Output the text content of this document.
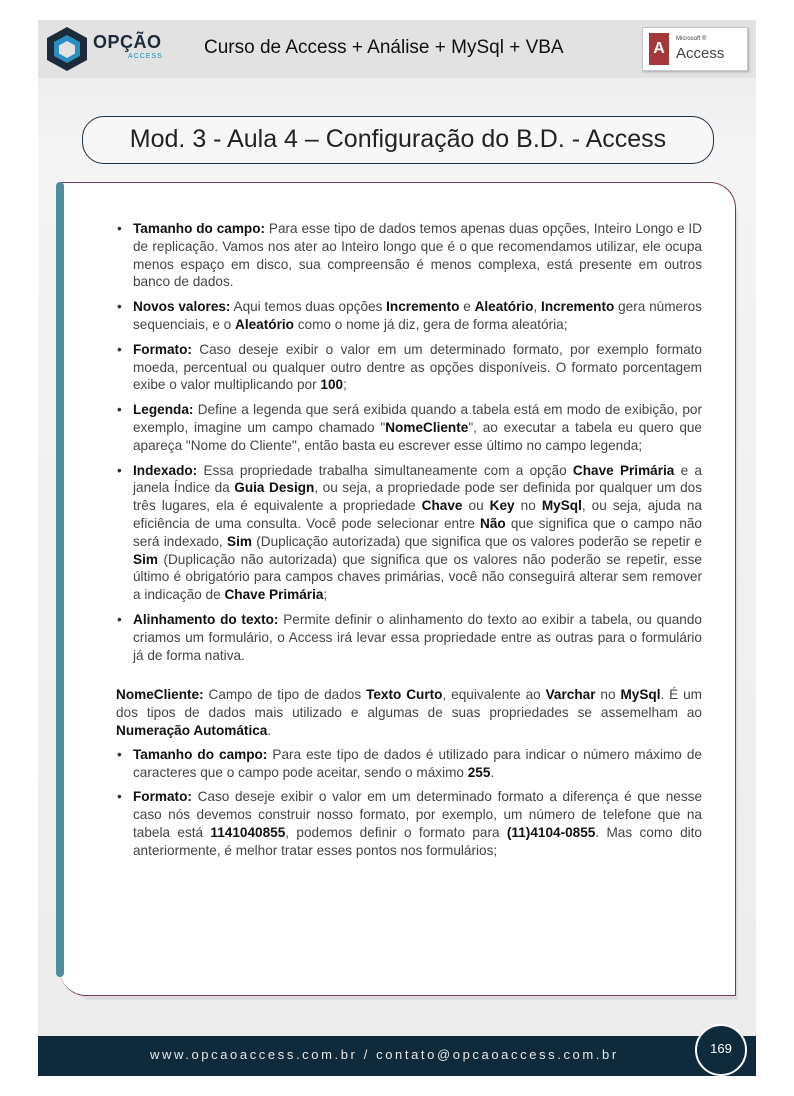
OPÇÃO
ACCESS Curso de Access + Análise + MySql + VBA	A
Microsoft ®
Access
Mod. 3 - Aula 4 – Configuração do B.D. - Access
• Tamanho do campo: Para esse tipo de dados temos apenas duas opções, Inteiro Longo e ID de replicação. Vamos nos ater ao Inteiro longo que é o que recomendamos utilizar, ele ocupa menos espaço em disco, sua compreensão é menos complexa, está presente em outros banco de dados.
• Novos valores: Aqui temos duas opções Incremento e Aleatório, Incremento gera números sequenciais, e o Aleatório como o nome já diz, gera de forma aleatória;
• Formato: Caso deseje exibir o valor em um determinado formato, por exemplo formato moeda, percentual ou qualquer outro dentre as opções disponíveis. O formato porcentagem exibe o valor multiplicando por 100;
• Legenda: Define a legenda que será exibida quando a tabela está em modo de exibição, por exemplo, imagine um campo chamado "NomeCliente", ao executar a tabela eu quero que apareça "Nome do Cliente", então basta eu escrever esse último no campo legenda;
• Indexado: Essa propriedade trabalha simultaneamente com a opção Chave Primária e a janela Índice da Guia Design, ou seja, a propriedade pode ser definida por qualquer um dos três lugares, ela é equivalente a propriedade Chave ou Key no MySql, ou seja, ajuda na eficiência de uma consulta. Você pode selecionar entre Não que significa que o campo não será indexado, Sim (Duplicação autorizada) que significa que os valores poderão se repetir e Sim (Duplicação não autorizada) que significa que os valores não poderão se repetir, esse último é obrigatório para campos chaves primárias, você não conseguirá alterar sem remover a indicação de Chave Primária;
• Alinhamento do texto: Permite definir o alinhamento do texto ao exibir a tabela, ou quando criamos um formulário, o Access irá levar essa propriedade entre as outras para o formulário já de forma nativa.

NomeCliente: Campo de tipo de dados Texto Curto, equivalente ao Varchar no MySql. É um dos tipos de dados mais utilizado e algumas de suas propriedades se assemelham ao Numeração Automática.

• Tamanho do campo: Para este tipo de dados é utilizado para indicar o número máximo de caracteres que o campo pode aceitar, sendo o máximo 255.
• Formato: Caso deseje exibir o valor em um determinado formato a diferença é que nesse caso nós devemos construir nosso formato, por exemplo, um número de telefone que na tabela está 1141040855, podemos definir o formato para (11)4104-0855. Mas como dito anteriormente, é melhor tratar esses pontos nos formulários;
www.opcaoaccess.com.br / contato@opcaoaccess.com.br	169
